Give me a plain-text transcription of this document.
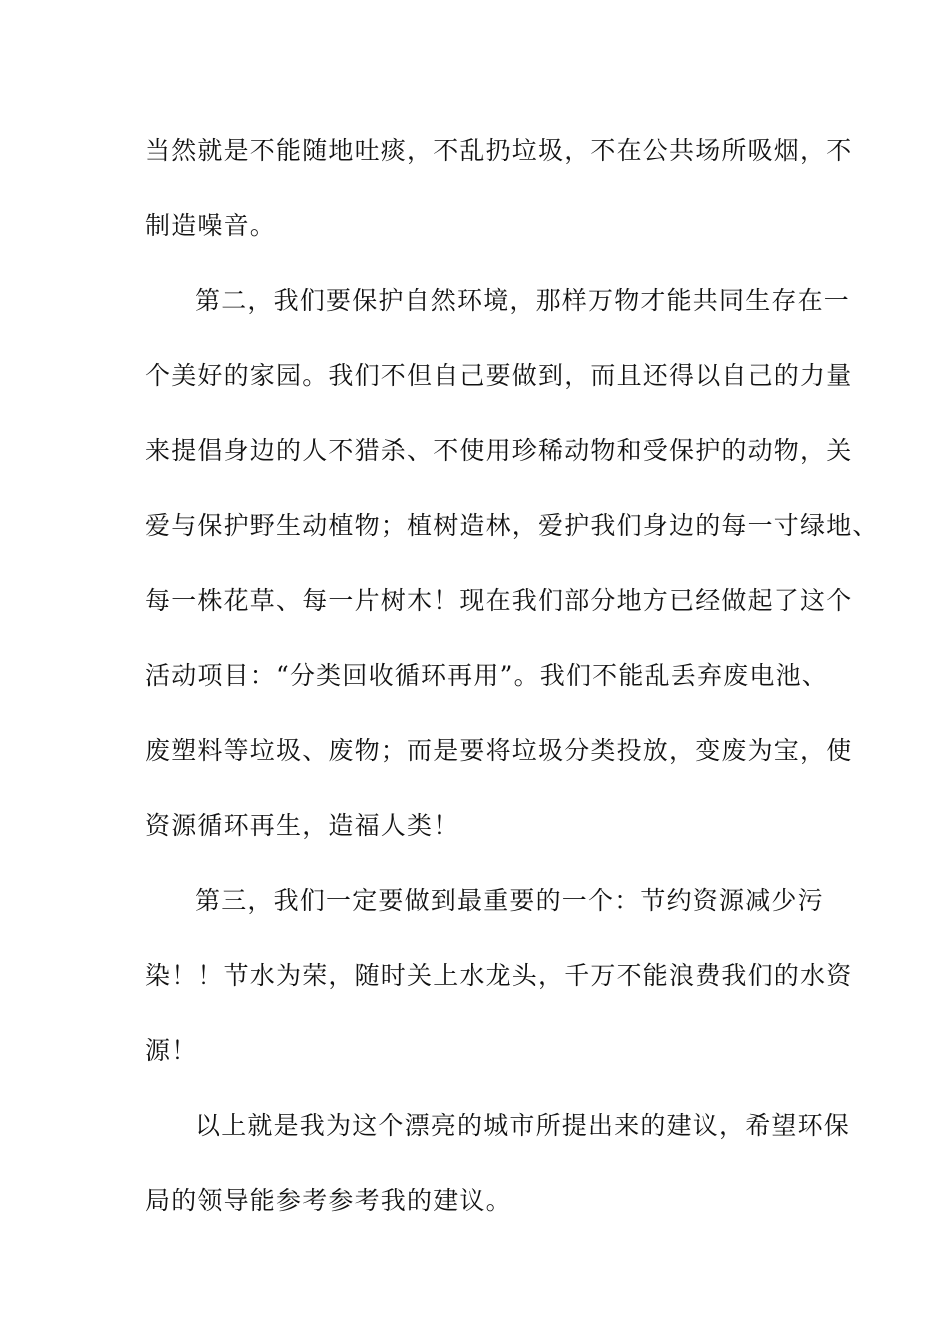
当然就是不能随地吐痰，不乱扔垃圾，不在公共场所吸烟，不
制造噪音。
第二，我们要保护自然环境，那样万物才能共同生存在一
个美好的家园。我们不但自己要做到，而且还得以自己的力量
来提倡身边的人不猎杀、不使用珍稀动物和受保护的动物，关
爱与保护野生动植物；植树造林，爱护我们身边的每一寸绿地、
每一株花草、每一片树木！现在我们部分地方已经做起了这个
活动项目：“分类回收循环再用”。我们不能乱丢弃废电池、
废塑料等垃圾、废物；而是要将垃圾分类投放，变废为宝，使
资源循环再生，造福人类！
第三，我们一定要做到最重要的一个：节约资源减少污
染！！节水为荣，随时关上水龙头，千万不能浪费我们的水资
源！
以上就是我为这个漂亮的城市所提出来的建议，希望环保
局的领导能参考参考我的建议。
